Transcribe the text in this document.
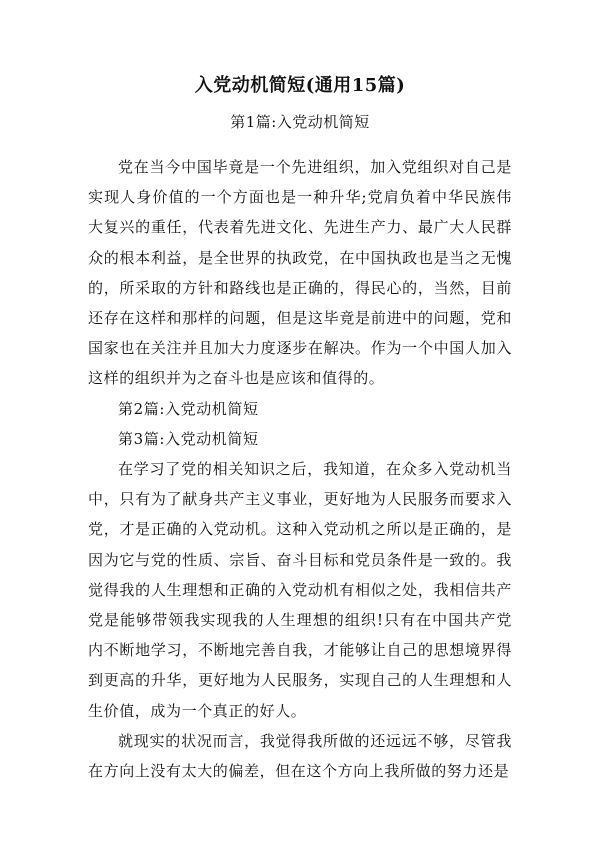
入党动机简短(通用15篇)
第1篇:入党动机简短

党在当今中国毕竟是一个先进组织，加入党组织对自己是实现人身价值的一个方面也是一种升华;党肩负着中华民族伟大复兴的重任，代表着先进文化、先进生产力、最广大人民群众的根本利益，是全世界的执政党，在中国执政也是当之无愧的，所采取的方针和路线也是正确的，得民心的，当然，目前还存在这样和那样的问题，但是这毕竟是前进中的问题，党和国家也在关注并且加大力度逐步在解决。作为一个中国人加入这样的组织并为之奋斗也是应该和值得的。

第2篇:入党动机简短

第3篇:入党动机简短

在学习了党的相关知识之后，我知道，在众多入党动机当中，只有为了献身共产主义事业，更好地为人民服务而要求入党，才是正确的入党动机。这种入党动机之所以是正确的，是因为它与党的性质、宗旨、奋斗目标和党员条件是一致的。我觉得我的人生理想和正确的入党动机有相似之处，我相信共产党是能够带领我实现我的人生理想的组织!只有在中国共产党内不断地学习，不断地完善自我，才能够让自己的思想境界得到更高的升华，更好地为人民服务，实现自己的人生理想和人生价值，成为一个真正的好人。

就现实的状况而言，我觉得我所做的还远远不够，尽管我在方向上没有太大的偏差，但在这个方向上我所做的努力还是
